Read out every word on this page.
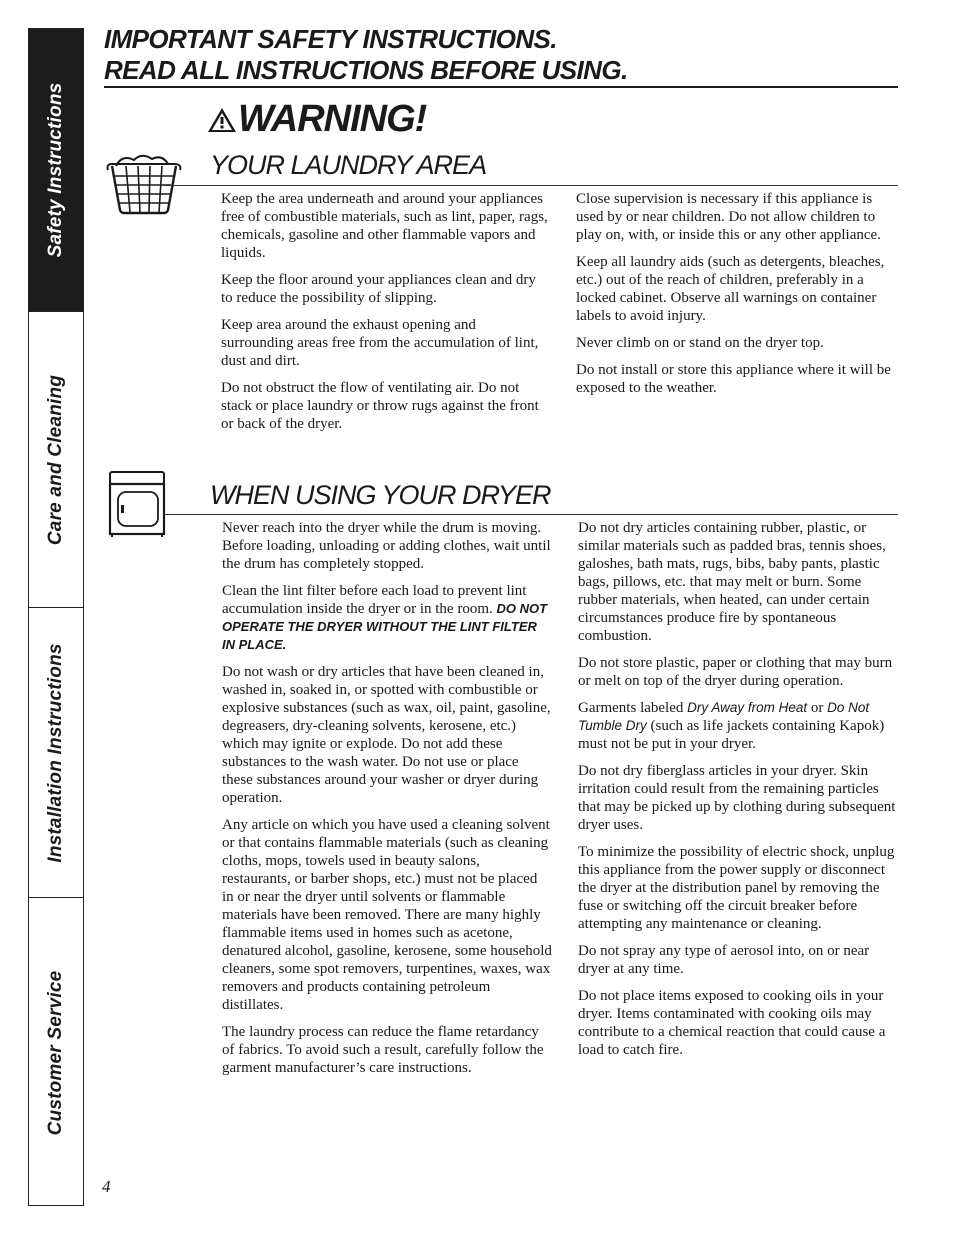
Safety Instructions
Care and Cleaning
Installation Instructions
Customer Service
IMPORTANT SAFETY INSTRUCTIONS.
READ ALL INSTRUCTIONS BEFORE USING.
WARNING!
YOUR LAUNDRY AREA

Keep the area underneath and around your appliances free of combustible materials, such as lint, paper, rags, chemicals, gasoline and other flammable vapors and liquids.

Keep the floor around your appliances clean and dry to reduce the possibility of slipping.

Keep area around the exhaust opening and surrounding areas free from the accumulation of lint, dust and dirt.

Do not obstruct the flow of ventilating air. Do not stack or place laundry or throw rugs against the front or back of the dryer.

Close supervision is necessary if this appliance is used by or near children. Do not allow children to play on, with, or inside this or any other appliance.

Keep all laundry aids (such as detergents, bleaches, etc.) out of the reach of children, preferably in a locked cabinet. Observe all warnings on container labels to avoid injury.

Never climb on or stand on the dryer top.

Do not install or store this appliance where it will be exposed to the weather.

WHEN USING YOUR DRYER

Never reach into the dryer while the drum is moving. Before loading, unloading or adding clothes, wait until the drum has completely stopped.

Clean the lint filter before each load to prevent lint accumulation inside the dryer or in the room. DO NOT OPERATE THE DRYER WITHOUT THE LINT FILTER IN PLACE.

Do not wash or dry articles that have been cleaned in, washed in, soaked in, or spotted with combustible or explosive substances (such as wax, oil, paint, gasoline, degreasers, dry-cleaning solvents, kerosene, etc.) which may ignite or explode. Do not add these substances to the wash water. Do not use or place these substances around your washer or dryer during operation.

Any article on which you have used a cleaning solvent or that contains flammable materials (such as cleaning cloths, mops, towels used in beauty salons, restaurants, or barber shops, etc.) must not be placed in or near the dryer until solvents or flammable materials have been removed. There are many highly flammable items used in homes such as acetone, denatured alcohol, gasoline, kerosene, some household cleaners, some spot removers, turpentines, waxes, wax removers and products containing petroleum distillates.

The laundry process can reduce the flame retardancy of fabrics. To avoid such a result, carefully follow the garment manufacturer’s care instructions.

Do not dry articles containing rubber, plastic, or similar materials such as padded bras, tennis shoes, galoshes, bath mats, rugs, bibs, baby pants, plastic bags, pillows, etc. that may melt or burn. Some rubber materials, when heated, can under certain circumstances produce fire by spontaneous combustion.

Do not store plastic, paper or clothing that may burn or melt on top of the dryer during operation.

Garments labeled Dry Away from Heat or Do Not Tumble Dry (such as life jackets containing Kapok) must not be put in your dryer.

Do not dry fiberglass articles in your dryer. Skin irritation could result from the remaining particles that may be picked up by clothing during subsequent dryer uses.

To minimize the possibility of electric shock, unplug this appliance from the power supply or disconnect the dryer at the distribution panel by removing the fuse or switching off the circuit breaker before attempting any maintenance or cleaning.

Do not spray any type of aerosol into, on or near dryer at any time.

Do not place items exposed to cooking oils in your dryer. Items contaminated with cooking oils may contribute to a chemical reaction that could cause a load to catch fire.

4
